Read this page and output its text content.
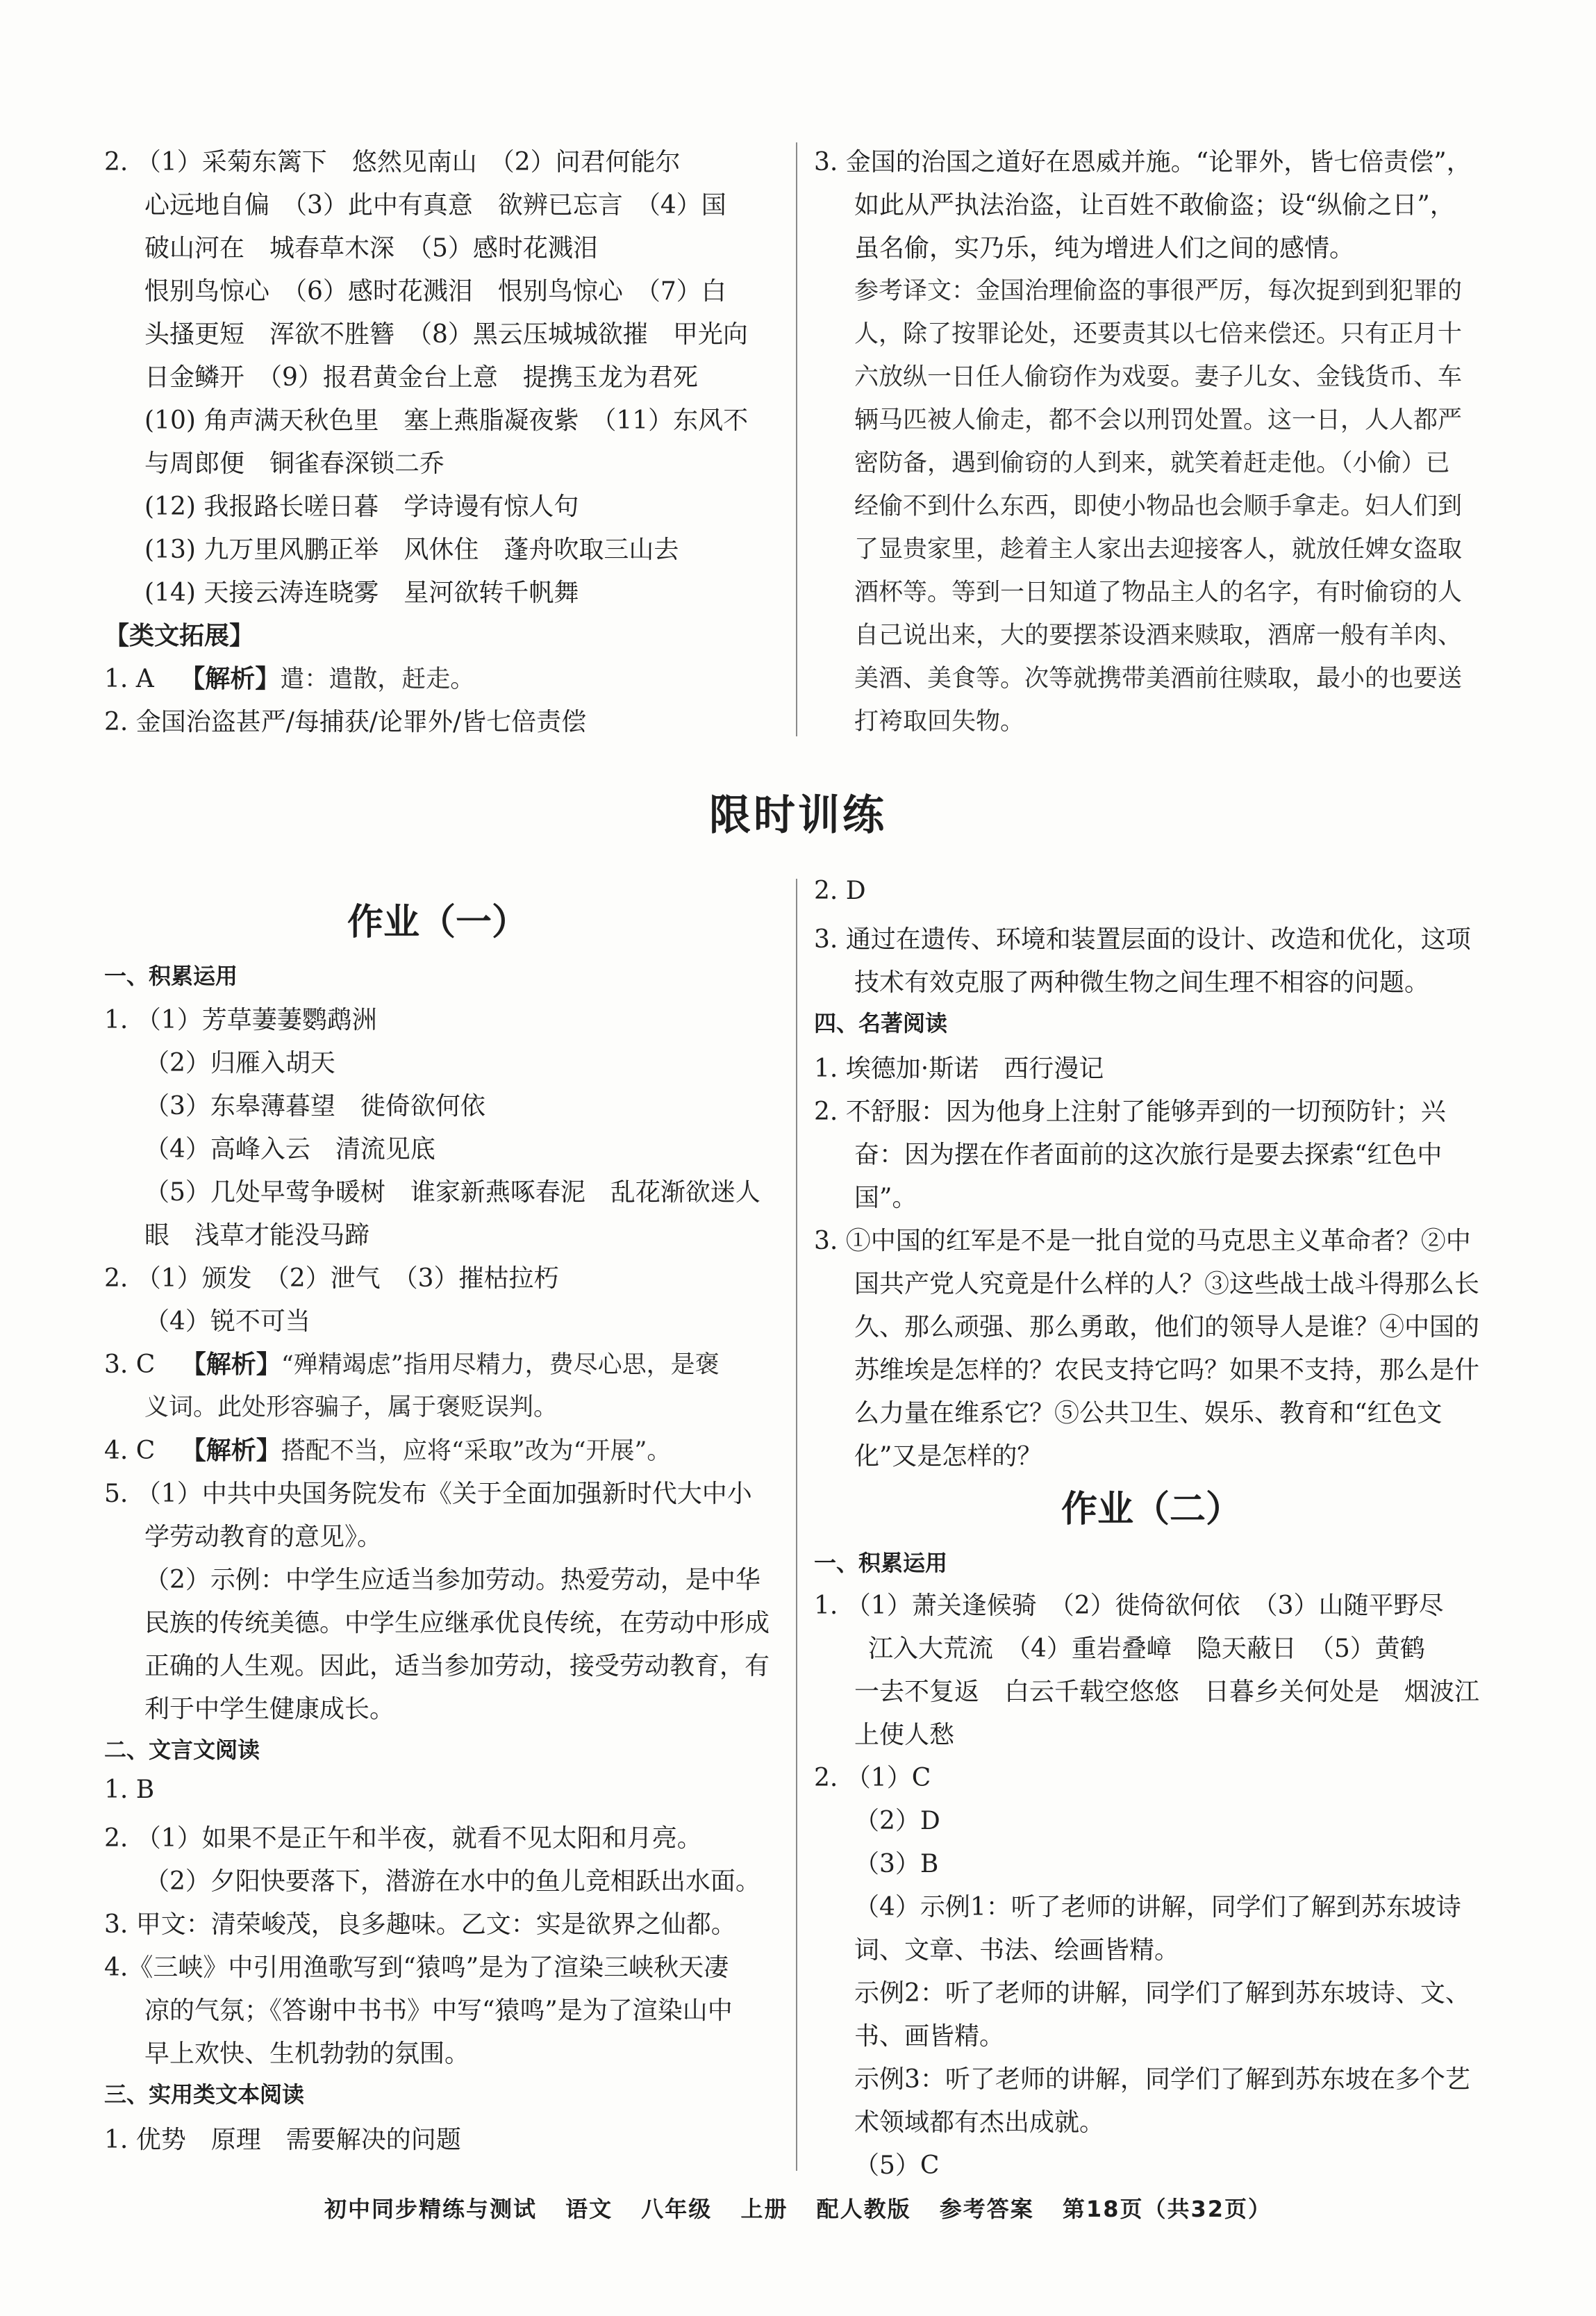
2. （1）采菊东篱下　悠然见南山　（2）问君何能尔
心远地自偏　（3）此中有真意　欲辨已忘言　（4）国
破山河在　城春草木深　（5）感时花溅泪
恨别鸟惊心　（6）感时花溅泪　恨别鸟惊心　（7）白
头搔更短　浑欲不胜簪　（8）黑云压城城欲摧　甲光向
日金鳞开　（9）报君黄金台上意　提携玉龙为君死
(10) 角声满天秋色里　塞上燕脂凝夜紫　（11）东风不
与周郎便　铜雀春深锁二乔
(12) 我报路长嗟日暮　学诗谩有惊人句
(13) 九万里风鹏正举　风休住　蓬舟吹取三山去
(14) 天接云涛连晓雾　星河欲转千帆舞
【类文拓展】
1. A 【解析】遣：遣散，赶走。
2. 金国治盗甚严/每捕获/论罪外/皆七倍责偿
3. 金国的治国之道好在恩威并施。“论罪外，皆七倍责偿”，
如此从严执法治盗，让百姓不敢偷盗；设“纵偷之日”，
虽名偷，实乃乐，纯为增进人们之间的感情。
参考译文：金国治理偷盗的事很严厉，每次捉到到犯罪的
人，除了按罪论处，还要责其以七倍来偿还。只有正月十
六放纵一日任人偷窃作为戏耍。妻子儿女、金钱货币、车
辆马匹被人偷走，都不会以刑罚处置。这一日，人人都严
密防备，遇到偷窃的人到来，就笑着赶走他。（小偷）已
经偷不到什么东西，即使小物品也会顺手拿走。妇人们到
了显贵家里，趁着主人家出去迎接客人，就放任婢女盗取
酒杯等。等到一日知道了物品主人的名字，有时偷窃的人
自己说出来，大的要摆茶设酒来赎取，酒席一般有羊肉、
美酒、美食等。次等就携带美酒前往赎取，最小的也要送
打袴取回失物。
限时训练
作业（一）
一、积累运用
1. （1）芳草萋萋鹦鹉洲
（2）归雁入胡天
（3）东皋薄暮望　徙倚欲何依
（4）高峰入云　清流见底
（5）几处早莺争暖树　谁家新燕啄春泥　乱花渐欲迷人
眼　浅草才能没马蹄
2. （1）颁发　（2）泄气　（3）摧枯拉朽
（4）锐不可当
3. C 【解析】“殚精竭虑”指用尽精力，费尽心思，是褒
义词。此处形容骗子，属于褒贬误判。
4. C 【解析】搭配不当，应将“采取”改为“开展”。
5. （1）中共中央国务院发布《关于全面加强新时代大中小
学劳动教育的意见》。
（2）示例：中学生应适当参加劳动。热爱劳动，是中华
民族的传统美德。中学生应继承优良传统，在劳动中形成
正确的人生观。因此，适当参加劳动，接受劳动教育，有
利于中学生健康成长。
二、文言文阅读
1. B
2. （1）如果不是正午和半夜，就看不见太阳和月亮。
（2）夕阳快要落下，潜游在水中的鱼儿竞相跃出水面。
3. 甲文：清荣峻茂，良多趣味。乙文：实是欲界之仙都。
4.《三峡》中引用渔歌写到“猿鸣”是为了渲染三峡秋天凄
凉的气氛；《答谢中书书》中写“猿鸣”是为了渲染山中
早上欢快、生机勃勃的氛围。
三、实用类文本阅读
1. 优势　原理　需要解决的问题
2. D
3. 通过在遗传、环境和装置层面的设计、改造和优化，这项
技术有效克服了两种微生物之间生理不相容的问题。
四、名著阅读
1. 埃德加·斯诺　西行漫记
2. 不舒服：因为他身上注射了能够弄到的一切预防针；兴
奋：因为摆在作者面前的这次旅行是要去探索“红色中
国”。
3. ①中国的红军是不是一批自觉的马克思主义革命者？②中
国共产党人究竟是什么样的人？③这些战士战斗得那么长
久、那么顽强、那么勇敢，他们的领导人是谁？④中国的
苏维埃是怎样的？农民支持它吗？如果不支持，那么是什
么力量在维系它？⑤公共卫生、娱乐、教育和“红色文
化”又是怎样的？
作业（二）
一、积累运用
1. （1）萧关逢候骑　（2）徙倚欲何依　（3）山随平野尽
江入大荒流　（4）重岩叠嶂　隐天蔽日　（5）黄鹤
一去不复返　白云千载空悠悠　日暮乡关何处是　烟波江
上使人愁
2. （1）C
（2）D
（3）B
（4）示例1：听了老师的讲解，同学们了解到苏东坡诗
词、文章、书法、绘画皆精。
示例2：听了老师的讲解，同学们了解到苏东坡诗、文、
书、画皆精。
示例3：听了老师的讲解，同学们了解到苏东坡在多个艺
术领域都有杰出成就。
（5）C
初中同步精练与测试 语文 八年级 上册 配人教版 参考答案 第18页（共32页）
